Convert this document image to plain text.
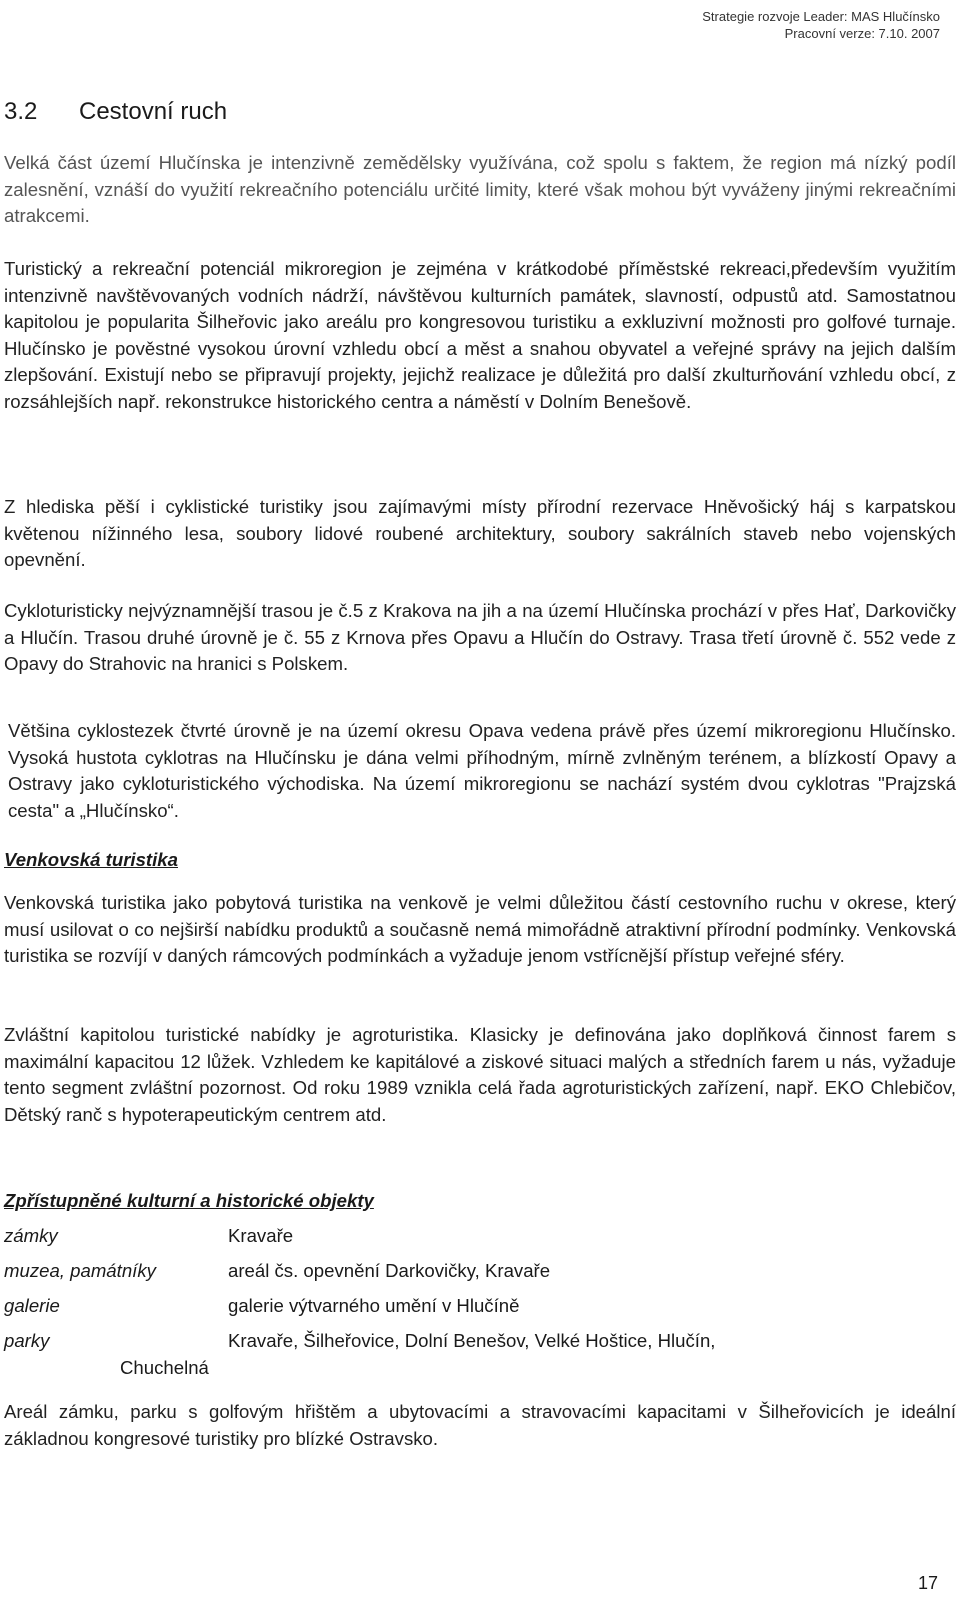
Strategie rozvoje Leader: MAS Hlučínsko
Pracovní verze: 7.10. 2007
3.2 Cestovní ruch

Velká část území Hlučínska je intenzivně zemědělsky využívána, což spolu s faktem, že region má nízký podíl zalesnění, vznáší do využití rekreačního potenciálu určité limity, které však mohou být vyváženy jinými rekreačními atrakcemi.

Turistický a rekreační potenciál mikroregion je zejména v krátkodobé příměstské rekreaci,především využitím intenzivně navštěvovaných vodních nádrží, návštěvou kulturních památek, slavností, odpustů atd. Samostatnou kapitolou je popularita Šilheřovic jako areálu pro kongresovou turistiku a exkluzivní možnosti pro golfové turnaje. Hlučínsko je pověstné vysokou úrovní vzhledu obcí a měst a snahou obyvatel a veřejné správy na jejich dalším zlepšování. Existují nebo se připravují projekty, jejichž realizace je důležitá pro další zkulturňování vzhledu obcí, z rozsáhlejších např. rekonstrukce historického centra a náměstí v Dolním Benešově.

Z hlediska pěší i cyklistické turistiky jsou zajímavými místy přírodní rezervace Hněvošický háj s karpatskou květenou nížinného lesa, soubory lidové roubené architektury, soubory sakrálních staveb nebo vojenských opevnění.

Cykloturisticky nejvýznamnější trasou je č.5 z Krakova na jih a na území Hlučínska prochází v přes Hať, Darkovičky a Hlučín. Trasou druhé úrovně je č. 55 z Krnova přes Opavu a Hlučín do Ostravy. Trasa třetí úrovně č. 552 vede z Opavy do Strahovic na hranici s Polskem.

Většina cyklostezek čtvrté úrovně je na území okresu Opava vedena právě přes území mikroregionu Hlučínsko. Vysoká hustota cyklotras na Hlučínsku je dána velmi příhodným, mírně zvlněným terénem, a blízkostí Opavy a Ostravy jako cykloturistického východiska. Na území mikroregionu se nachází systém dvou cyklotras "Prajzská cesta" a „Hlučínsko“.

Venkovská turistika

Venkovská turistika jako pobytová turistika na venkově je velmi důležitou částí cestovního ruchu v okrese, který musí usilovat o co nejširší nabídku produktů a současně nemá mimořádně atraktivní přírodní podmínky. Venkovská turistika se rozvíjí v daných rámcových podmínkách a vyžaduje jenom vstřícnější přístup veřejné sféry.

Zvláštní kapitolou turistické nabídky je agroturistika. Klasicky je definována jako doplňková činnost farem s maximální kapacitou 12 lůžek. Vzhledem ke kapitálové a ziskové situaci malých a středních farem u nás, vyžaduje tento segment zvláštní pozornost. Od roku 1989 vznikla celá řada agroturistických zařízení, např. EKO Chlebičov, Dětský ranč s hypoterapeutickým centrem atd.

Zpřístupněné kulturní a historické objekty
zámky	Kravaře
muzea, památníky	areál čs. opevnění Darkovičky, Kravaře
galerie	galerie výtvarného umění v Hlučíně
parky	Kravaře, Šilheřovice, Dolní Benešov, Velké Hoštice, Hlučín,
Chuchelná

Areál zámku, parku s golfovým hřištěm a ubytovacími a stravovacími kapacitami v Šilheřovicích je ideální základnou kongresové turistiky pro blízké Ostravsko.

17
